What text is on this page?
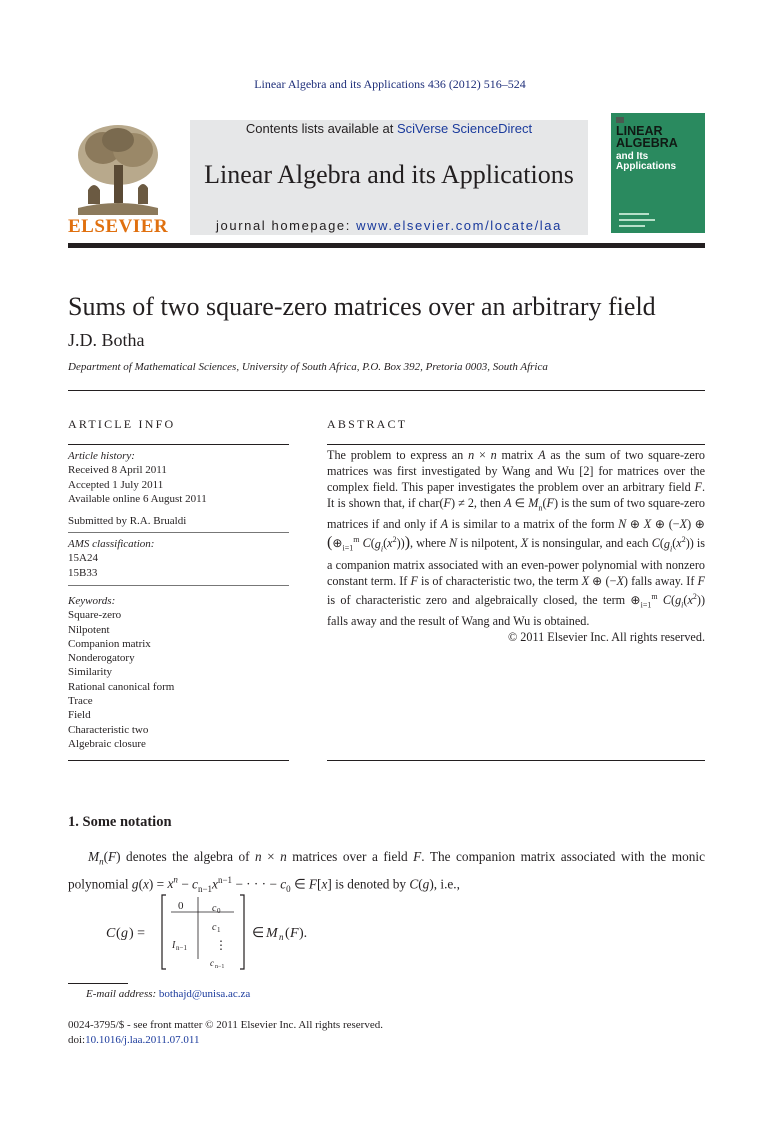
Linear Algebra and its Applications 436 (2012) 516–524
ELSEVIER
Contents lists available at SciVerse ScienceDirect
Linear Algebra and its Applications
journal homepage: www.elsevier.com/locate/laa
LINEAR
ALGEBRA
and Its
Applications
Sums of two square-zero matrices over an arbitrary field
J.D. Botha
Department of Mathematical Sciences, University of South Africa, P.O. Box 392, Pretoria 0003, South Africa
ARTICLE INFO
Article history:
Received 8 April 2011
Accepted 1 July 2011
Available online 6 August 2011
Submitted by R.A. Brualdi
AMS classification:
15A24
15B33
Keywords:
Square-zero
Nilpotent
Companion matrix
Nonderogatory
Similarity
Rational canonical form
Trace
Field
Characteristic two
Algebraic closure
ABSTRACT
The problem to express an n × n matrix A as the sum of two square-zero matrices was first investigated by Wang and Wu [2] for matrices over the complex field. This paper investigates the problem over an arbitrary field F. It is shown that, if char(F) ≠ 2, then A ∈ $M_n(F)$ is the sum of two square-zero matrices if and only if A is similar to a matrix of the form N ⊕ X ⊕ (−X) ⊕ ($\oplus_{i=1}^m$ $C(g_i(x^2))$), where N is nilpotent, X is nonsingular, and each $C(g_i(x^2))$ is a companion matrix associated with an even-power polynomial with nonzero constant term. If F is of characteristic two, the term X ⊕ (−X) falls away. If F is of characteristic zero and algebraically closed, the term $\oplus_{i=1}^m$ $C(g_i(x^2))$ falls away and the result of Wang and Wu is obtained.
© 2011 Elsevier Inc. All rights reserved.
1. Some notation
$M_n(F)$ denotes the algebra of n × n matrices over a field F. The companion matrix associated with the monic polynomial $g(x) = x^n - c_{n-1}x^{n-1}$ − · · · − $c_0$ ∈ F[x] is denoted by C(g), i.e.,
C ( g ) =
0	c 0
c 1
I n−1 ⋮
c n−1
∈ M n ( F ).
E-mail address: bothajd@unisa.ac.za
0024-3795/$ - see front matter © 2011 Elsevier Inc. All rights reserved.
doi:10.1016/j.laa.2011.07.011
